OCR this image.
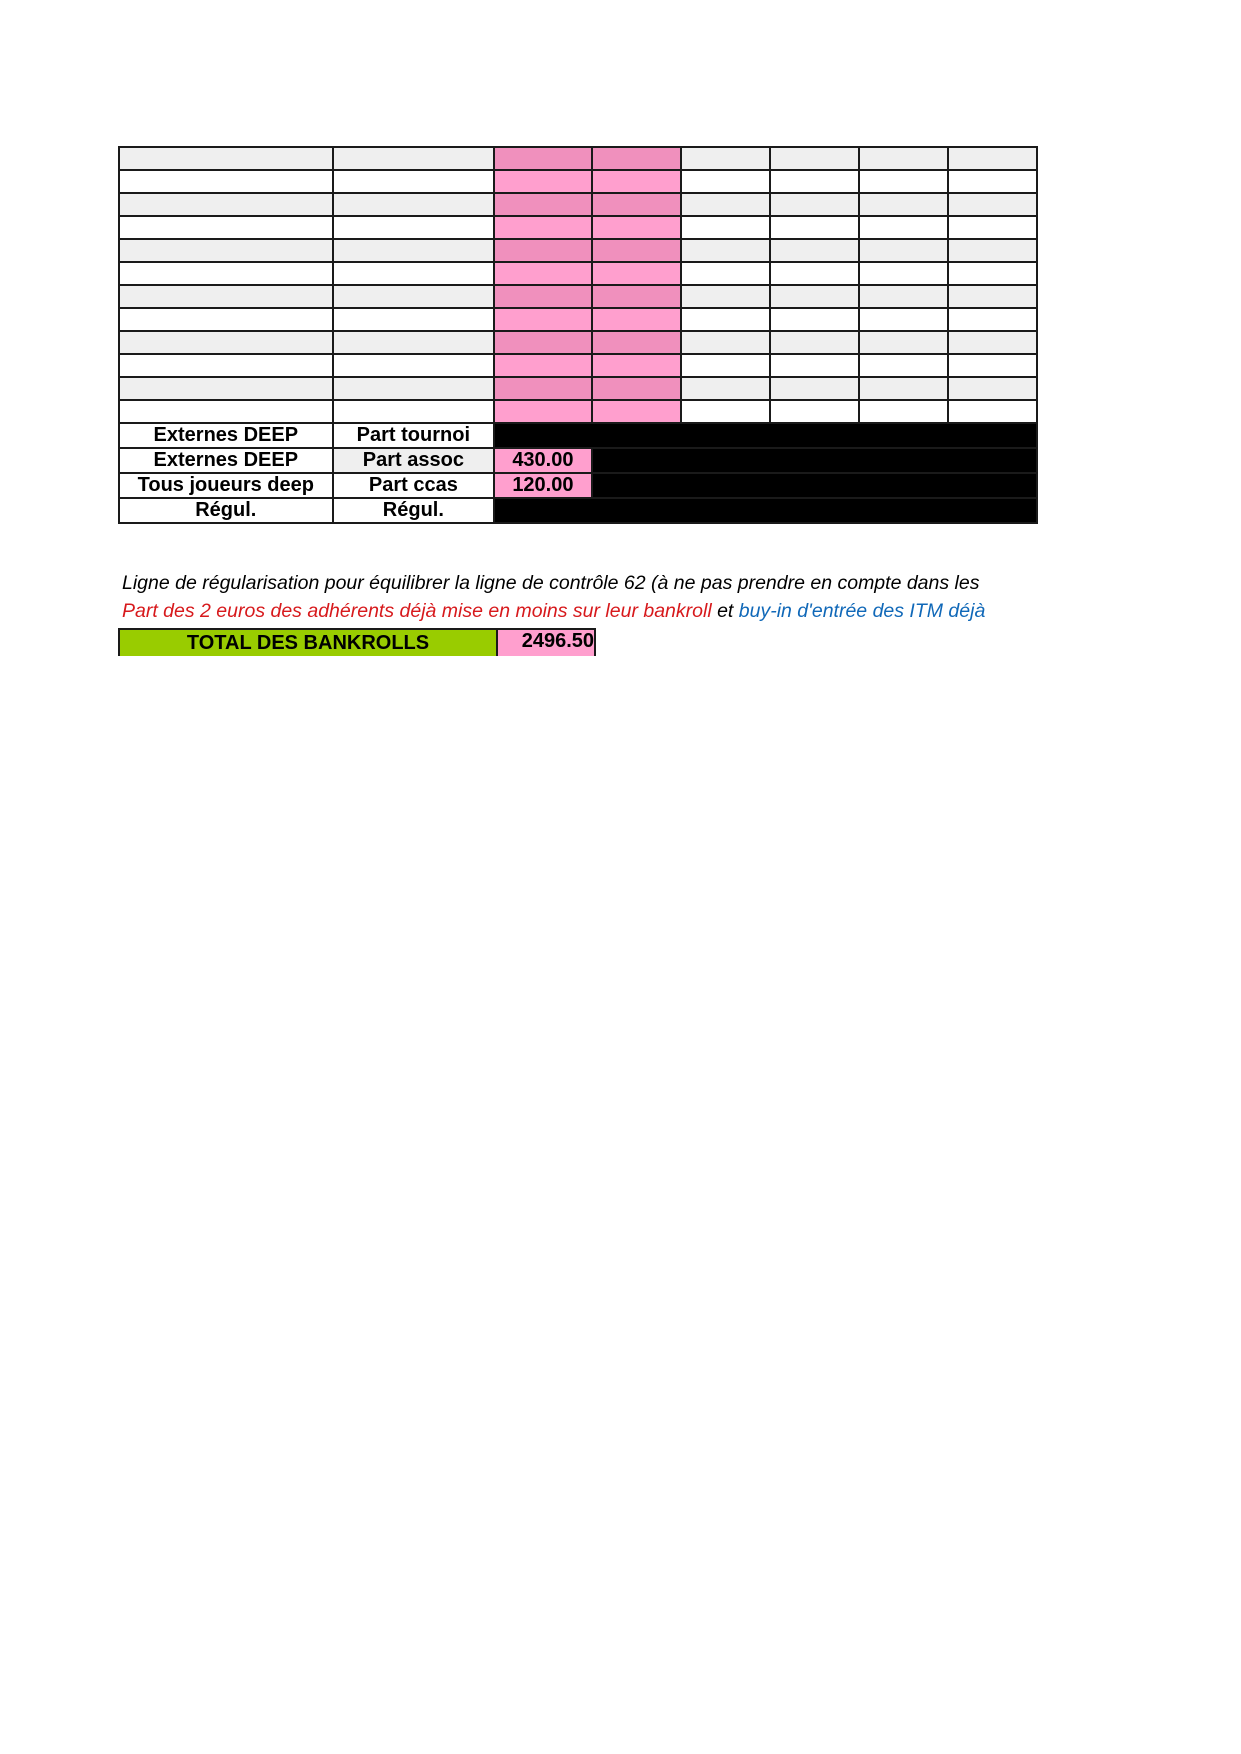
Externes DEEP	Part tournoi						
Externes DEEP	Part assoc	430.00					
Tous joueurs deep	Part ccas	120.00					
Régul.	Régul.						
Ligne de régularisation pour équilibrer la ligne de contrôle 62 (à ne pas prendre en compte dans les
Part des 2 euros des adhérents déjà mise en moins sur leur bankroll et buy-in d'entrée des ITM déjà
TOTAL DES BANKROLLS	2496.50
